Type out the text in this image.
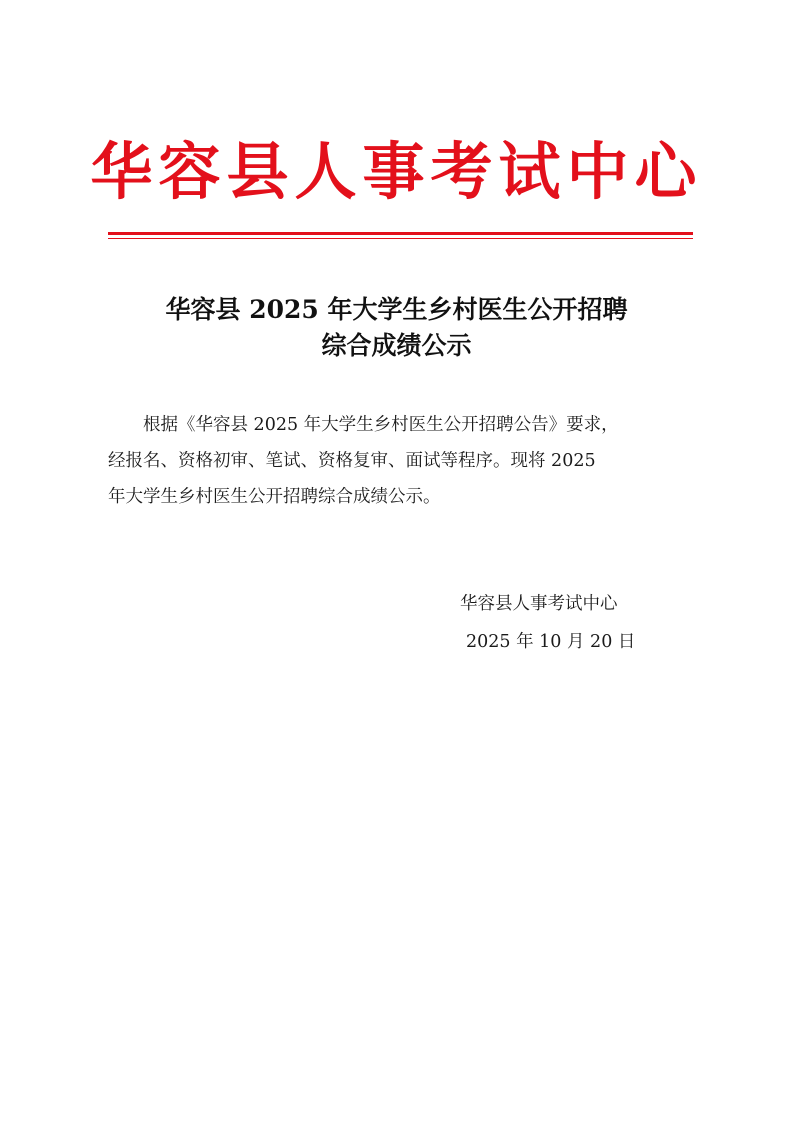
华容县人事考试中心
华容县 2025 年大学生乡村医生公开招聘
综合成绩公示
根据《华容县 2025 年大学生乡村医生公开招聘公告》要求，
经报名、资格初审、笔试、资格复审、面试等程序。现将 2025
年大学生乡村医生公开招聘综合成绩公示。
华容县人事考试中心
2025 年 10 月 20 日
